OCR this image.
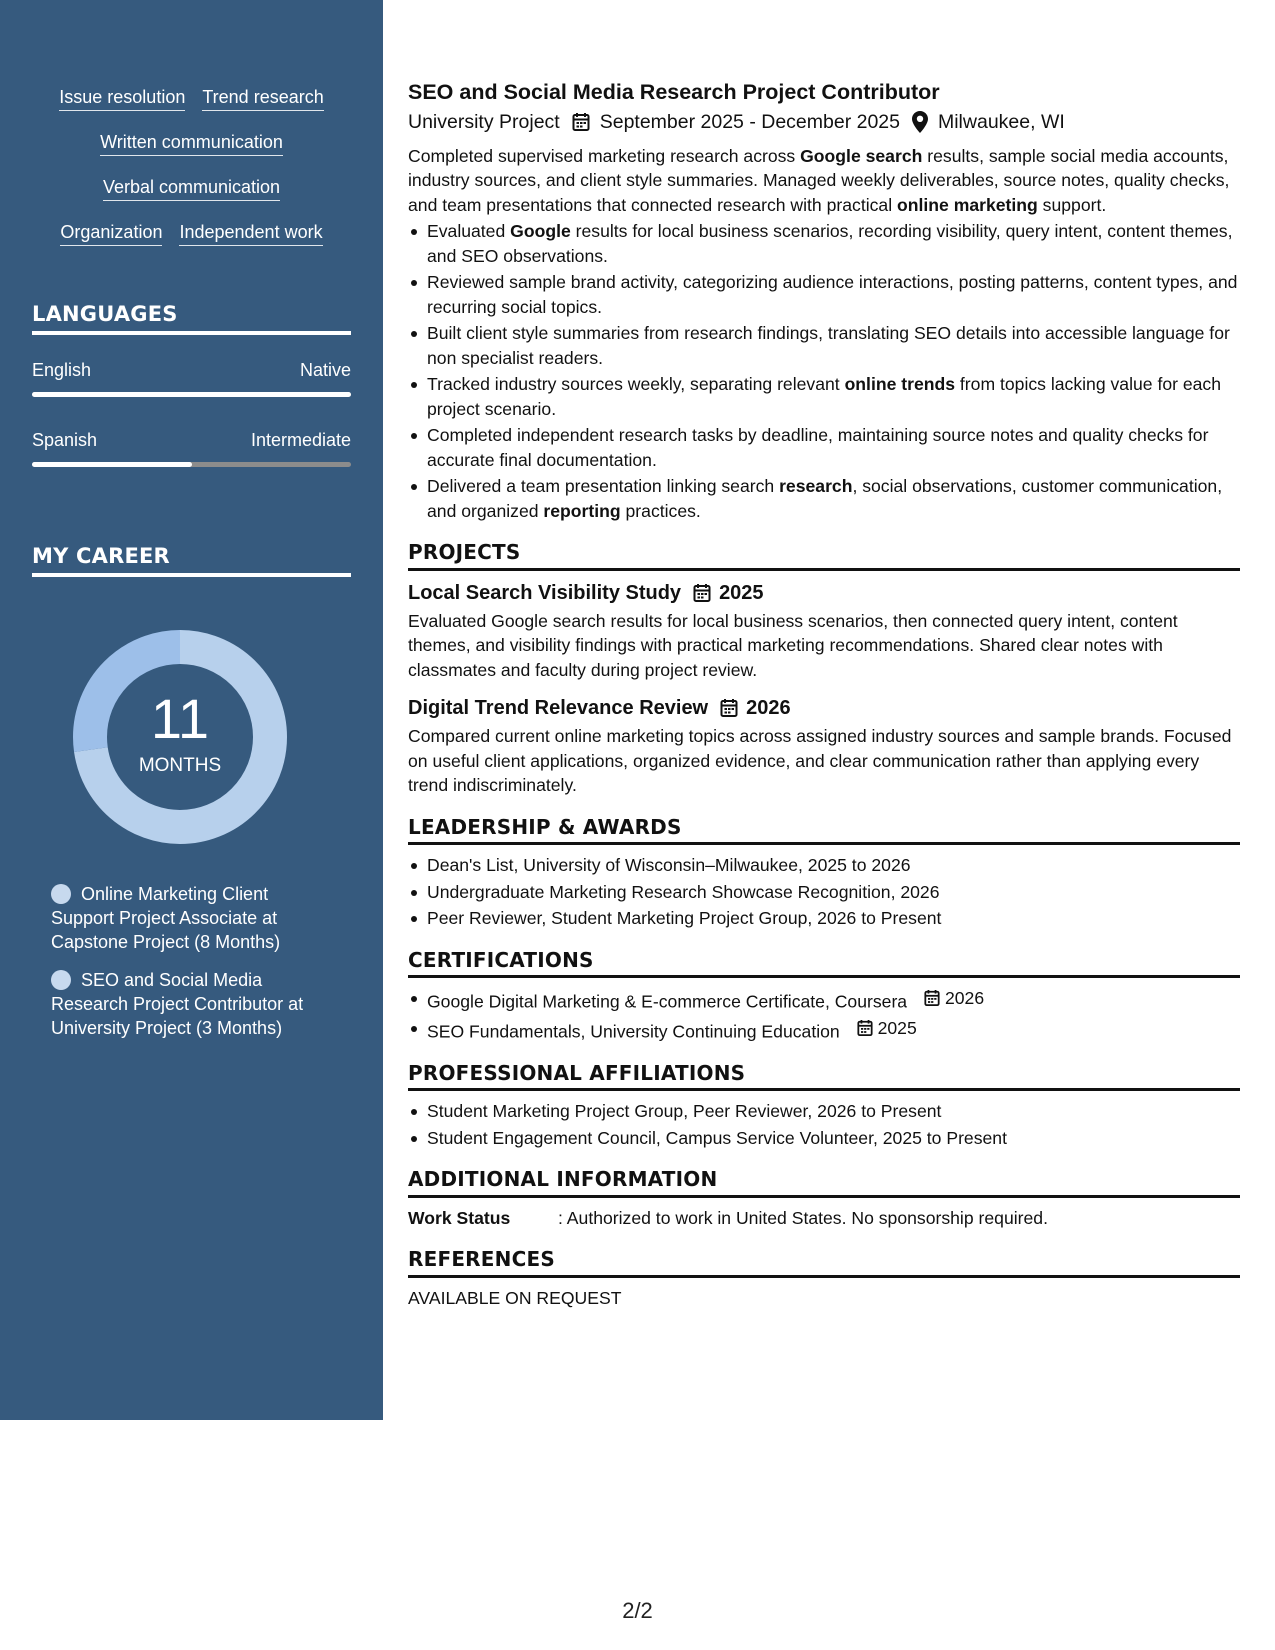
Issue resolution Trend research
Written communication
Verbal communication
Organization Independent work
LANGUAGES
English	Native
Spanish	Intermediate
MY CAREER
11
MONTHS
Online Marketing Client Support Project Associate at Capstone Project (8 Months)
SEO and Social Media Research Project Contributor at University Project (3 Months)
SEO and Social Media Research Project Contributor
University Project September 2025 - December 2025 Milwaukee, WI

Completed supervised marketing research across Google search results, sample social media accounts, industry sources, and client style summaries. Managed weekly deliverables, source notes, quality checks, and team presentations that connected research with practical online marketing support.

Evaluated Google results for local business scenarios, recording visibility, query intent, content themes, and SEO observations.
Reviewed sample brand activity, categorizing audience interactions, posting patterns, content types, and recurring social topics.
Built client style summaries from research findings, translating SEO details into accessible language for non specialist readers.
Tracked industry sources weekly, separating relevant online trends from topics lacking value for each project scenario.
Completed independent research tasks by deadline, maintaining source notes and quality checks for accurate final documentation.
Delivered a team presentation linking search research, social observations, customer communication, and organized reporting practices.
PROJECTS
Local Search Visibility Study 2025

Evaluated Google search results for local business scenarios, then connected query intent, content themes, and visibility findings with practical marketing recommendations. Shared clear notes with classmates and faculty during project review.

Digital Trend Relevance Review 2026

Compared current online marketing topics across assigned industry sources and sample brands. Focused on useful client applications, organized evidence, and clear communication rather than applying every trend indiscriminately.

LEADERSHIP & AWARDS
Dean's List, University of Wisconsin–Milwaukee, 2025 to 2026
Undergraduate Marketing Research Showcase Recognition, 2026
Peer Reviewer, Student Marketing Project Group, 2026 to Present
CERTIFICATIONS
Google Digital Marketing & E-commerce Certificate, Coursera 2026
SEO Fundamentals, University Continuing Education 2025
PROFESSIONAL AFFILIATIONS
Student Marketing Project Group, Peer Reviewer, 2026 to Present
Student Engagement Council, Campus Service Volunteer, 2025 to Present
ADDITIONAL INFORMATION
Work Status	: Authorized to work in United States. No sponsorship required.
REFERENCES
AVAILABLE ON REQUEST
2/2
